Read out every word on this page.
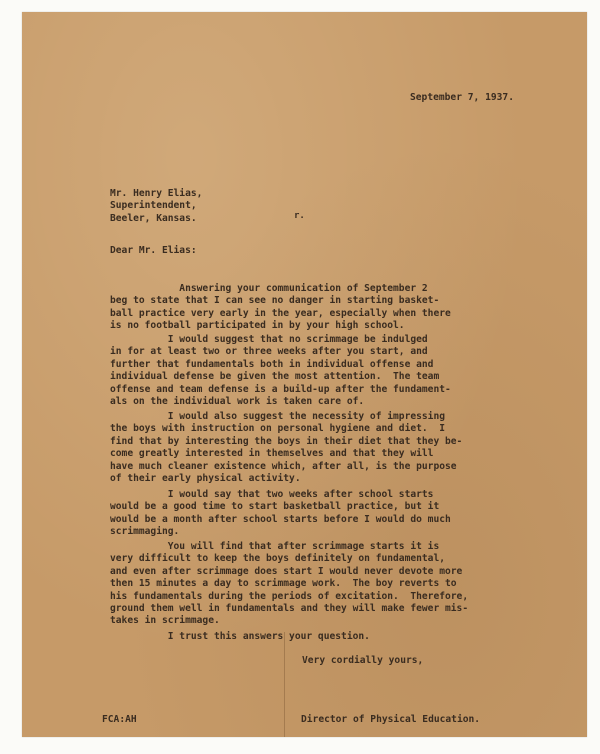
September 7, 1937.

Mr. Henry Elias,
Superintendent,
Beeler, Kansas.	r.

Dear Mr. Elias:

Answering your communication of September 2
beg to state that I can see no danger in starting basket-
ball practice very early in the year, especially when there
is no football participated in by your high school.

I would suggest that no scrimmage be indulged
in for at least two or three weeks after you start, and
further that fundamentals both in individual offense and
individual defense be given the most attention.  The team
offense and team defense is a build-up after the fundament-
als on the individual work is taken care of.

I would also suggest the necessity of impressing
the boys with instruction on personal hygiene and diet.  I
find that by interesting the boys in their diet that they be-
come greatly interested in themselves and that they will
have much cleaner existence which, after all, is the purpose
of their early physical activity.

I would say that two weeks after school starts
would be a good time to start basketball practice, but it
would be a month after school starts before I would do much
scrimmaging.

You will find that after scrimmage starts it is
very difficult to keep the boys definitely on fundamental,
and even after scrimmage does start I would never devote more
then 15 minutes a day to scrimmage work.  The boy reverts to
his fundamentals during the periods of excitation.  Therefore,
ground them well in fundamentals and they will make fewer mis-
takes in scrimmage.

I trust this answers your question.

Very cordially yours,

FCA:AH	Director of Physical Education.
